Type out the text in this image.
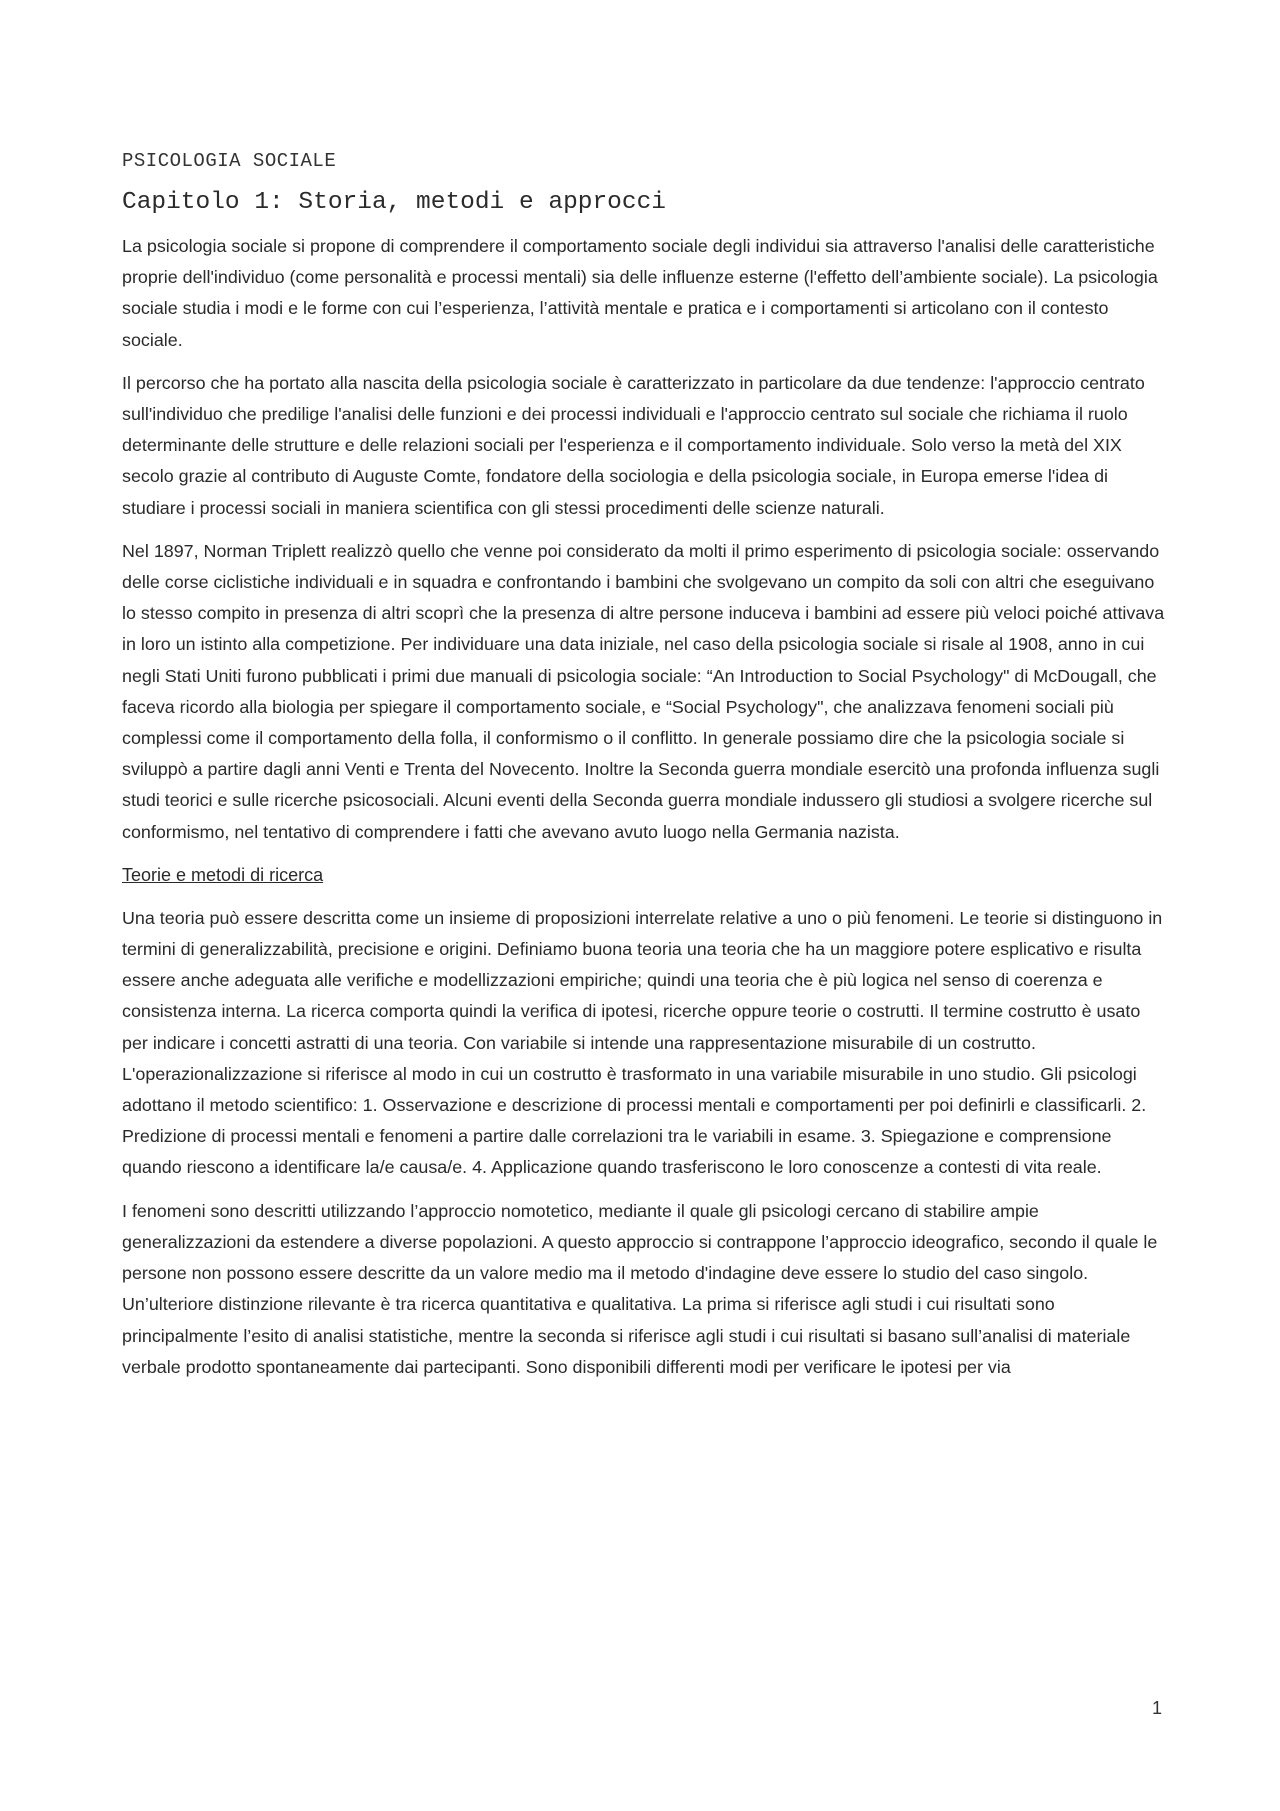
PSICOLOGIA SOCIALE
Capitolo 1: Storia, metodi e approcci

La psicologia sociale si propone di comprendere il comportamento sociale degli individui sia attraverso l'analisi delle caratteristiche proprie dell'individuo (come personalità e processi mentali) sia delle influenze esterne (l'effetto dell’ambiente sociale). La psicologia sociale studia i modi e le forme con cui l’esperienza, l’attività mentale e pratica e i comportamenti si articolano con il contesto sociale.

Il percorso che ha portato alla nascita della psicologia sociale è caratterizzato in particolare da due tendenze: l'approccio centrato sull'individuo che predilige l'analisi delle funzioni e dei processi individuali e l'approccio centrato sul sociale che richiama il ruolo determinante delle strutture e delle relazioni sociali per l'esperienza e il comportamento individuale. Solo verso la metà del XIX secolo grazie al contributo di Auguste Comte, fondatore della sociologia e della psicologia sociale, in Europa emerse l'idea di studiare i processi sociali in maniera scientifica con gli stessi procedimenti delle scienze naturali.

Nel 1897, Norman Triplett realizzò quello che venne poi considerato da molti il primo esperimento di psicologia sociale: osservando delle corse ciclistiche individuali e in squadra e confrontando i bambini che svolgevano un compito da soli con altri che eseguivano lo stesso compito in presenza di altri scoprì che la presenza di altre persone induceva i bambini ad essere più veloci poiché attivava in loro un istinto alla competizione. Per individuare una data iniziale, nel caso della psicologia sociale si risale al 1908, anno in cui negli Stati Uniti furono pubblicati i primi due manuali di psicologia sociale: “An Introduction to Social Psychology" di McDougall, che faceva ricordo alla biologia per spiegare il comportamento sociale, e “Social Psychology", che analizzava fenomeni sociali più complessi come il comportamento della folla, il conformismo o il conflitto. In generale possiamo dire che la psicologia sociale si sviluppò a partire dagli anni Venti e Trenta del Novecento. Inoltre la Seconda guerra mondiale esercitò una profonda influenza sugli studi teorici e sulle ricerche psicosociali. Alcuni eventi della Seconda guerra mondiale indussero gli studiosi a svolgere ricerche sul conformismo, nel tentativo di comprendere i fatti che avevano avuto luogo nella Germania nazista.

Teorie e metodi di ricerca

Una teoria può essere descritta come un insieme di proposizioni interrelate relative a uno o più fenomeni. Le teorie si distinguono in termini di generalizzabilità, precisione e origini. Definiamo buona teoria una teoria che ha un maggiore potere esplicativo e risulta essere anche adeguata alle verifiche e modellizzazioni empiriche; quindi una teoria che è più logica nel senso di coerenza e consistenza interna. La ricerca comporta quindi la verifica di ipotesi, ricerche oppure teorie o costrutti. Il termine costrutto è usato per indicare i concetti astratti di una teoria. Con variabile si intende una rappresentazione misurabile di un costrutto. L'operazionalizzazione si riferisce al modo in cui un costrutto è trasformato in una variabile misurabile in uno studio. Gli psicologi adottano il metodo scientifico: 1. Osservazione e descrizione di processi mentali e comportamenti per poi definirli e classificarli. 2. Predizione di processi mentali e fenomeni a partire dalle correlazioni tra le variabili in esame. 3. Spiegazione e comprensione quando riescono a identificare la/e causa/e. 4. Applicazione quando trasferiscono le loro conoscenze a contesti di vita reale.

I fenomeni sono descritti utilizzando l’approccio nomotetico, mediante il quale gli psicologi cercano di stabilire ampie generalizzazioni da estendere a diverse popolazioni. A questo approccio si contrappone l’approccio ideografico, secondo il quale le persone non possono essere descritte da un valore medio ma il metodo d'indagine deve essere lo studio del caso singolo. Un’ulteriore distinzione rilevante è tra ricerca quantitativa e qualitativa. La prima si riferisce agli studi i cui risultati sono principalmente l’esito di analisi statistiche, mentre la seconda si riferisce agli studi i cui risultati si basano sull’analisi di materiale verbale prodotto spontaneamente dai partecipanti. Sono disponibili differenti modi per verificare le ipotesi per via

1
